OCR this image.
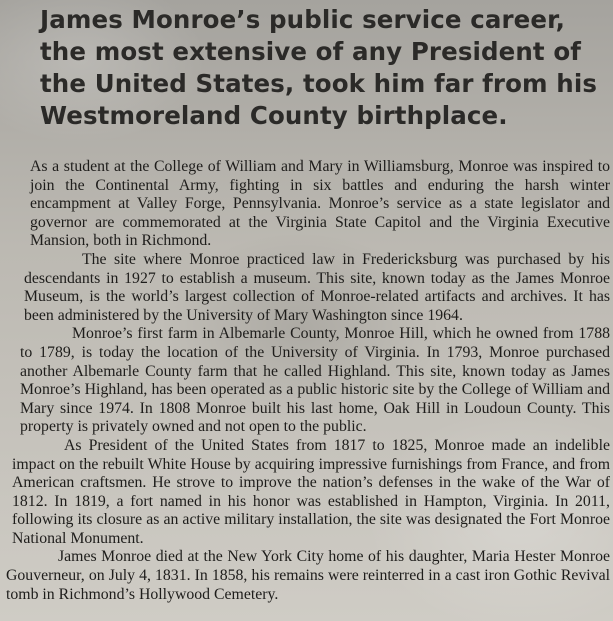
James Monroe’s public service career, the most extensive of any President of the United States, took him far from his Westmoreland County birthplace.

As a student at the College of William and Mary in Williamsburg, Monroe was inspired to join the Continental Army, fighting in six battles and enduring the harsh winter encampment at Valley Forge, Pennsylvania. Monroe’s service as a state legislator and governor are commemorated at the Virginia State Capitol and the Virginia Executive Mansion, both in Richmond.

The site where Monroe practiced law in Fredericksburg was purchased by his descendants in 1927 to establish a museum. This site, known today as the James Monroe Museum, is the world’s largest collection of Monroe-related artifacts and archives. It has been administered by the University of Mary Washington since 1964.

Monroe’s first farm in Albemarle County, Monroe Hill, which he owned from 1788 to 1789, is today the location of the University of Virginia. In 1793, Monroe purchased another Albemarle County farm that he called Highland. This site, known today as James Monroe’s Highland, has been operated as a public historic site by the College of William and Mary since 1974. In 1808 Monroe built his last home, Oak Hill in Loudoun County. This property is privately owned and not open to the public.

As President of the United States from 1817 to 1825, Monroe made an indelible impact on the rebuilt White House by acquiring impressive furnishings from France, and from American craftsmen. He strove to improve the nation’s defenses in the wake of the War of 1812. In 1819, a fort named in his honor was established in Hampton, Virginia. In 2011, following its closure as an active military installation, the site was designated the Fort Monroe National Monument.

James Monroe died at the New York City home of his daughter, Maria Hester Monroe Gouverneur, on July 4, 1831. In 1858, his remains were reinterred in a cast iron Gothic Revival tomb in Richmond’s Hollywood Cemetery.
